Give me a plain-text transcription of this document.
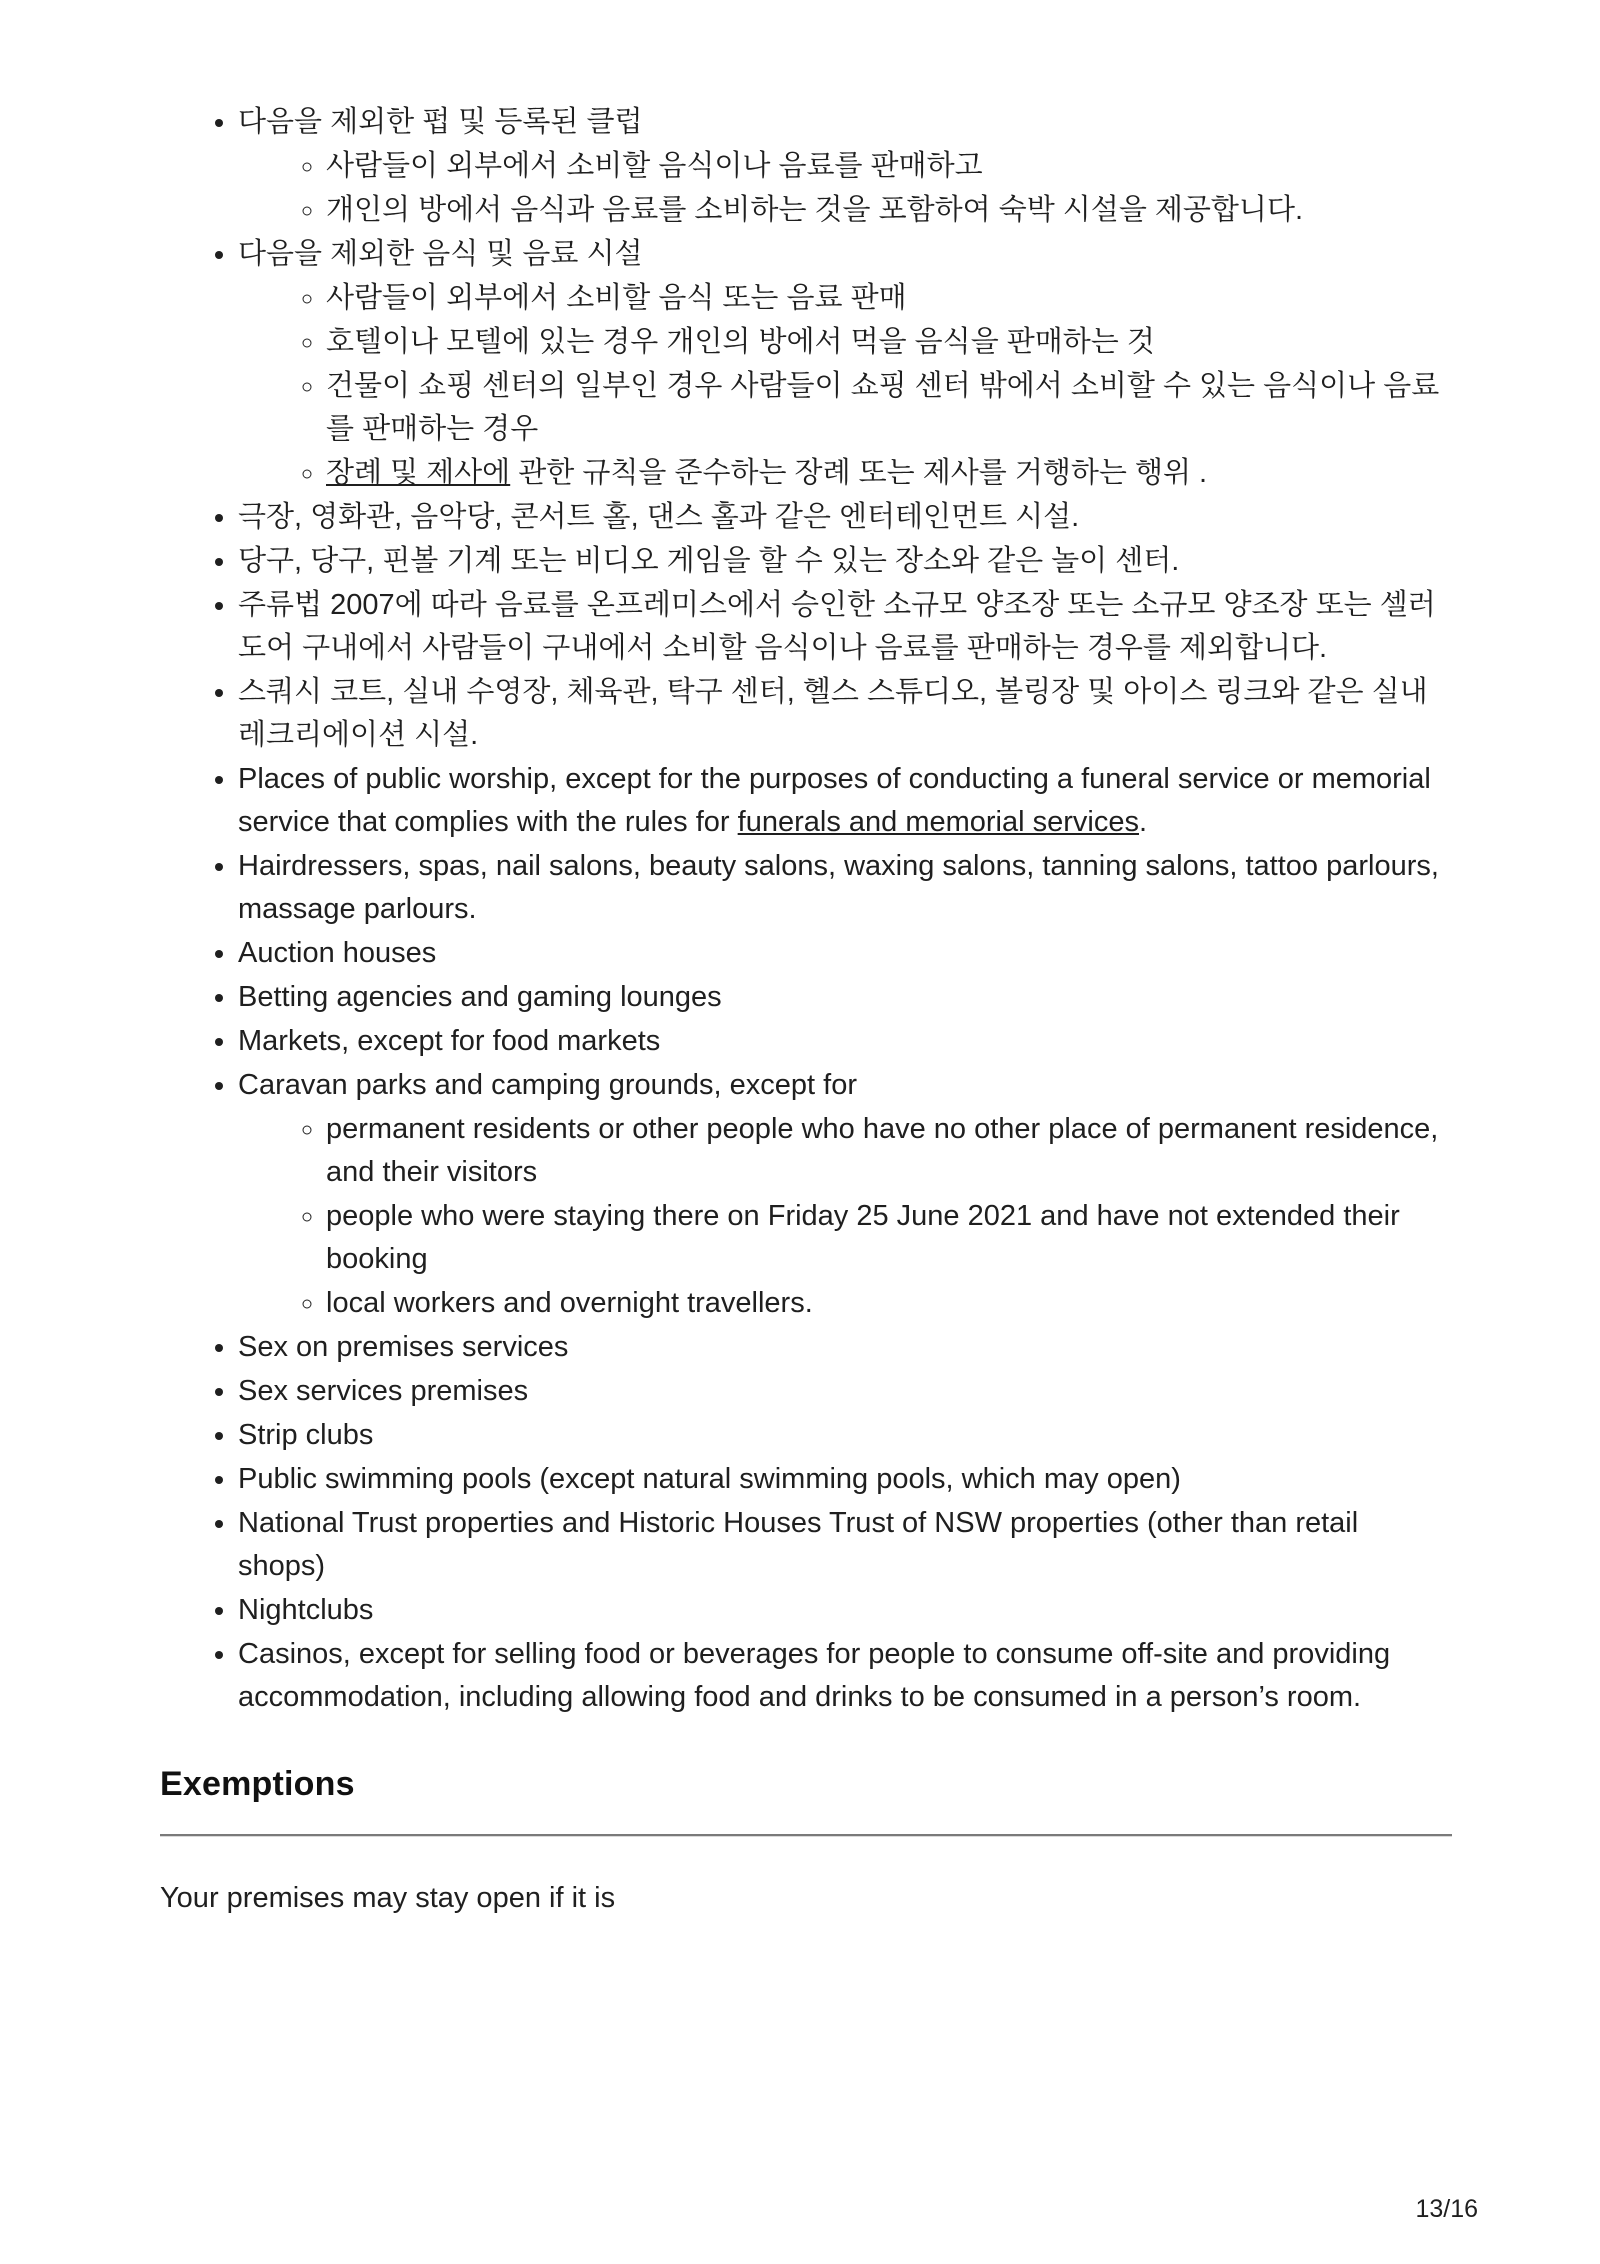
• 다음을 제외한 펍 및 등록된 클럽
◦ 사람들이 외부에서 소비할 음식이나 음료를 판매하고
◦ 개인의 방에서 음식과 음료를 소비하는 것을 포함하여 숙박 시설을 제공합니다.
• 다음을 제외한 음식 및 음료 시설
◦ 사람들이 외부에서 소비할 음식 또는 음료 판매
◦ 호텔이나 모텔에 있는 경우 개인의 방에서 먹을 음식을 판매하는 것
◦ 건물이 쇼핑 센터의 일부인 경우 사람들이 쇼핑 센터 밖에서 소비할 수 있는 음식이나 음료를 판매하는 경우
◦ 장례 및 제사에 관한 규칙을 준수하는 장례 또는 제사를 거행하는 행위 .
• 극장, 영화관, 음악당, 콘서트 홀, 댄스 홀과 같은 엔터테인먼트 시설.
• 당구, 당구, 핀볼 기계 또는 비디오 게임을 할 수 있는 장소와 같은 놀이 센터.
• 주류법 2007에 따라 음료를 온프레미스에서 승인한 소규모 양조장 또는 소규모 양조장 또는 셀러 도어 구내에서 사람들이 구내에서 소비할 음식이나 음료를 판매하는 경우를 제외합니다.
• 스쿼시 코트, 실내 수영장, 체육관, 탁구 센터, 헬스 스튜디오, 볼링장 및 아이스 링크와 같은 실내 레크리에이션 시설.
• Places of public worship, except for the purposes of conducting a funeral service or memorial service that complies with the rules for funerals and memorial services.
• Hairdressers, spas, nail salons, beauty salons, waxing salons, tanning salons, tattoo parlours, massage parlours.
• Auction houses
• Betting agencies and gaming lounges
• Markets, except for food markets
• Caravan parks and camping grounds, except for
◦ permanent residents or other people who have no other place of permanent residence, and their visitors
◦ people who were staying there on Friday 25 June 2021 and have not extended their booking
◦ local workers and overnight travellers.
• Sex on premises services
• Sex services premises
• Strip clubs
• Public swimming pools (except natural swimming pools, which may open)
• National Trust properties and Historic Houses Trust of NSW properties (other than retail shops)
• Nightclubs
• Casinos, except for selling food or beverages for people to consume off-site and providing accommodation, including allowing food and drinks to be consumed in a person’s room.
Exemptions

Your premises may stay open if it is

13/16
